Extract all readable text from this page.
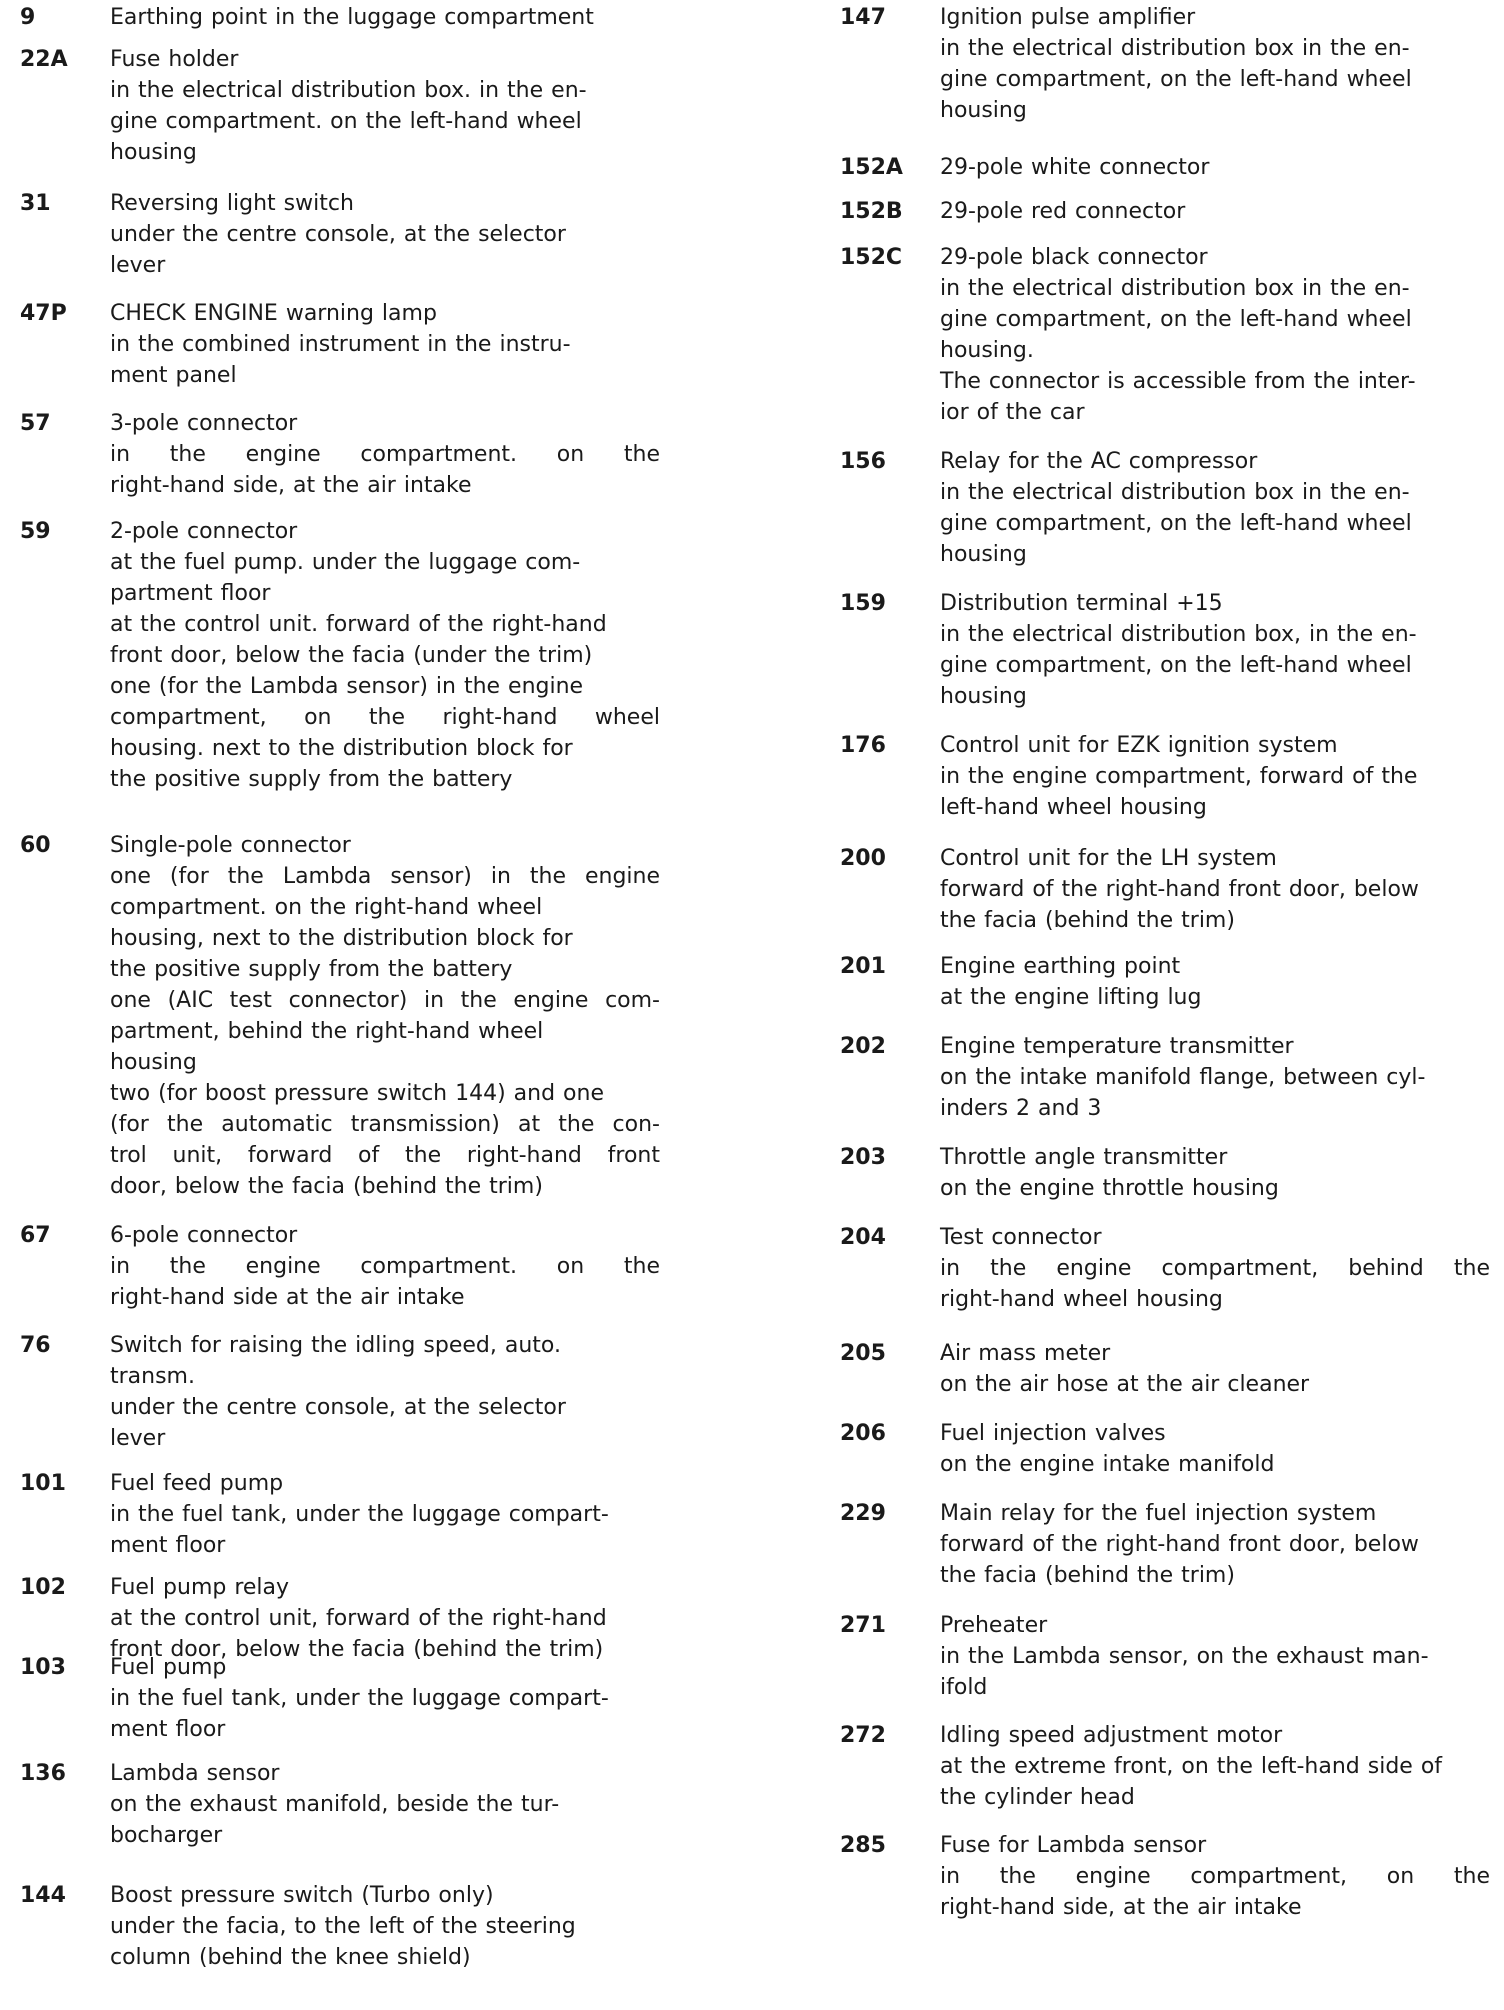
9	Earthing point in the luggage compartment
22A	Fuse holder
in the electrical distribution box. in the en-
gine compartment. on the left-hand wheel
housing
31	Reversing light switch
under the centre console, at the selector
lever
47P	CHECK ENGINE warning lamp
in the combined instrument in the instru-
ment panel
57	3-pole connector
in the engine compartment. on the
right-hand side, at the air intake
59	2-pole connector
at the fuel pump. under the luggage com-
partment floor
at the control unit. forward of the right-hand
front door, below the facia (under the trim)
one (for the Lambda sensor) in the engine
compartment, on the right-hand wheel
housing. next to the distribution block for
the positive supply from the battery
60	Single-pole connector
one (for the Lambda sensor) in the engine
compartment. on the right-hand wheel
housing, next to the distribution block for
the positive supply from the battery
one (AIC test connector) in the engine com-
partment, behind the right-hand wheel
housing
two (for boost pressure switch 144) and one
(for the automatic transmission) at the con-
trol unit, forward of the right-hand front
door, below the facia (behind the trim)
67	6-pole connector
in the engine compartment. on the
right-hand side at the air intake
76	Switch for raising the idling speed, auto.
transm.
under the centre console, at the selector
lever
101	Fuel feed pump
in the fuel tank, under the luggage compart-
ment floor
102	Fuel pump relay
at the control unit, forward of the right-hand
front door, below the facia (behind the trim)
103	Fuel pump
in the fuel tank, under the luggage compart-
ment floor
136	Lambda sensor
on the exhaust manifold, beside the tur-
bocharger
144	Boost pressure switch (Turbo only)
under the facia, to the left of the steering
column (behind the knee shield)
147	Ignition pulse amplifier
in the electrical distribution box in the en-
gine compartment, on the left-hand wheel
housing
152A	29-pole white connector
152B	29-pole red connector
152C	29-pole black connector
in the electrical distribution box in the en-
gine compartment, on the left-hand wheel
housing.
The connector is accessible from the inter-
ior of the car
156	Relay for the AC compressor
in the electrical distribution box in the en-
gine compartment, on the left-hand wheel
housing
159	Distribution terminal +15
in the electrical distribution box, in the en-
gine compartment, on the left-hand wheel
housing
176	Control unit for EZK ignition system
in the engine compartment, forward of the
left-hand wheel housing
200	Control unit for the LH system
forward of the right-hand front door, below
the facia (behind the trim)
201	Engine earthing point
at the engine lifting lug
202	Engine temperature transmitter
on the intake manifold flange, between cyl-
inders 2 and 3
203	Throttle angle transmitter
on the engine throttle housing
204	Test connector
in the engine compartment, behind the
right-hand wheel housing
205	Air mass meter
on the air hose at the air cleaner
206	Fuel injection valves
on the engine intake manifold
229	Main relay for the fuel injection system
forward of the right-hand front door, below
the facia (behind the trim)
271	Preheater
in the Lambda sensor, on the exhaust man-
ifold
272	Idling speed adjustment motor
at the extreme front, on the left-hand side of
the cylinder head
285	Fuse for Lambda sensor
in the engine compartment, on the
right-hand side, at the air intake
